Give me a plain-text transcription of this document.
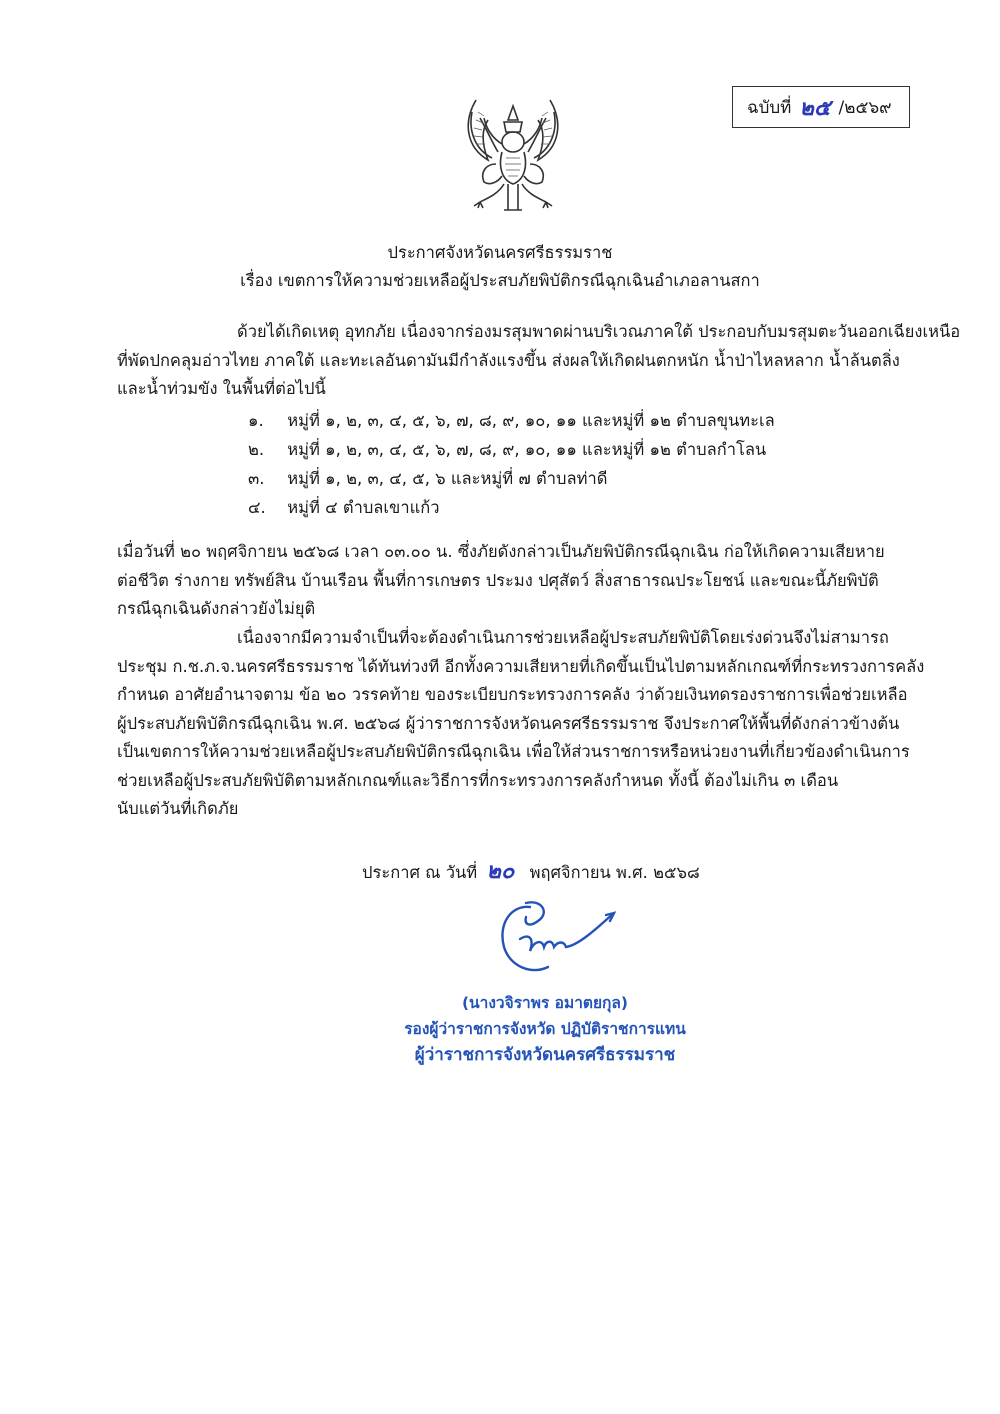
ฉบับที่ ๒๕ /๒๕๖๙
ประกาศจังหวัดนครศรีธรรมราช
เรื่อง เขตการให้ความช่วยเหลือผู้ประสบภัยพิบัติกรณีฉุกเฉินอำเภอลานสกา
ด้วยได้เกิดเหตุ อุทกภัย เนื่องจากร่องมรสุมพาดผ่านบริเวณภาคใต้ ประกอบกับมรสุมตะวันออกเฉียงเหนือ
ที่พัดปกคลุมอ่าวไทย ภาคใต้ และทะเลอันดามันมีกำลังแรงขึ้น ส่งผลให้เกิดฝนตกหนัก น้ำป่าไหลหลาก น้ำล้นตลิ่ง
และน้ำท่วมขัง ในพื้นที่ต่อไปนี้
๑. หมู่ที่ ๑, ๒, ๓, ๔, ๕, ๖, ๗, ๘, ๙, ๑๐, ๑๑ และหมู่ที่ ๑๒ ตำบลขุนทะเล
๒. หมู่ที่ ๑, ๒, ๓, ๔, ๕, ๖, ๗, ๘, ๙, ๑๐, ๑๑ และหมู่ที่ ๑๒ ตำบลกำโลน
๓. หมู่ที่ ๑, ๒, ๓, ๔, ๕, ๖ และหมู่ที่ ๗ ตำบลท่าดี
๔. หมู่ที่ ๔ ตำบลเขาแก้ว
เมื่อวันที่ ๒๐ พฤศจิกายน ๒๕๖๘ เวลา ๐๓.๐๐ น. ซึ่งภัยดังกล่าวเป็นภัยพิบัติกรณีฉุกเฉิน ก่อให้เกิดความเสียหาย
ต่อชีวิต ร่างกาย ทรัพย์สิน บ้านเรือน พื้นที่การเกษตร ประมง ปศุสัตว์ สิ่งสาธารณประโยชน์ และขณะนี้ภัยพิบัติ
กรณีฉุกเฉินดังกล่าวยังไม่ยุติ
เนื่องจากมีความจำเป็นที่จะต้องดำเนินการช่วยเหลือผู้ประสบภัยพิบัติโดยเร่งด่วนจึงไม่สามารถ
ประชุม ก.ช.ภ.จ.นครศรีธรรมราช ได้ทันท่วงที อีกทั้งความเสียหายที่เกิดขึ้นเป็นไปตามหลักเกณฑ์ที่กระทรวงการคลัง
กำหนด อาศัยอำนาจตาม ข้อ ๒๐ วรรคท้าย ของระเบียบกระทรวงการคลัง ว่าด้วยเงินทดรองราชการเพื่อช่วยเหลือ
ผู้ประสบภัยพิบัติกรณีฉุกเฉิน พ.ศ. ๒๕๖๘ ผู้ว่าราชการจังหวัดนครศรีธรรมราช จึงประกาศให้พื้นที่ดังกล่าวข้างต้น
เป็นเขตการให้ความช่วยเหลือผู้ประสบภัยพิบัติกรณีฉุกเฉิน เพื่อให้ส่วนราชการหรือหน่วยงานที่เกี่ยวข้องดำเนินการ
ช่วยเหลือผู้ประสบภัยพิบัติตามหลักเกณฑ์และวิธีการที่กระทรวงการคลังกำหนด ทั้งนี้ ต้องไม่เกิน ๓ เดือน
นับแต่วันที่เกิดภัย
ประกาศ ณ วันที่ ๒๐ พฤศจิกายน พ.ศ. ๒๕๖๘
(นางวจิราพร อมาตยกุล)
รองผู้ว่าราชการจังหวัด ปฏิบัติราชการแทน
ผู้ว่าราชการจังหวัดนครศรีธรรมราช
